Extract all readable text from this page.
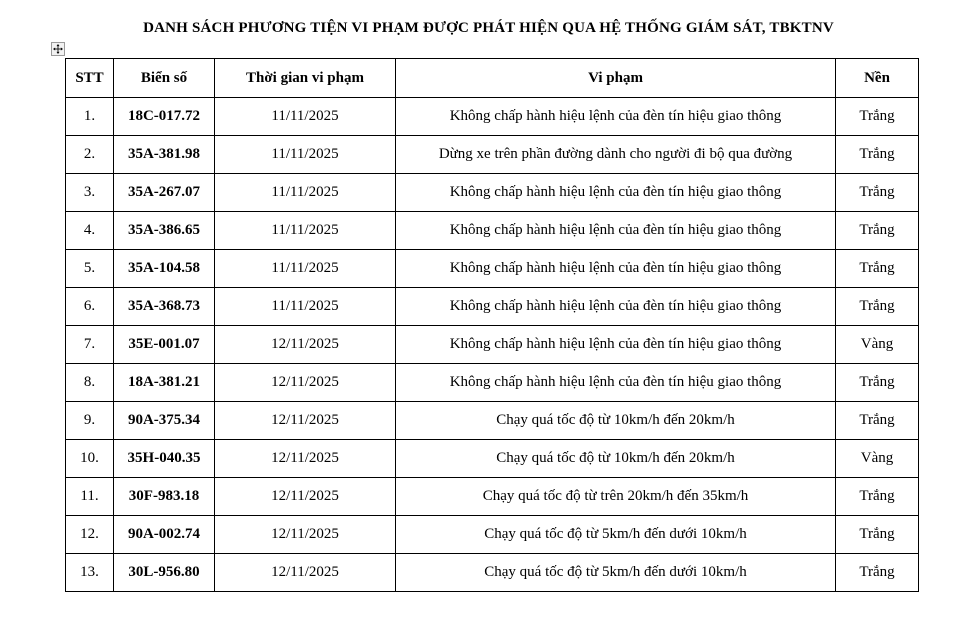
DANH SÁCH PHƯƠNG TIỆN VI PHẠM ĐƯỢC PHÁT HIỆN QUA HỆ THỐNG GIÁM SÁT, TBKTNV
STT	Biển số	Thời gian vi phạm	Vi phạm	Nền
1.	18C-017.72	11/11/2025	Không chấp hành hiệu lệnh của đèn tín hiệu giao thông	Trắng
2.	35A-381.98	11/11/2025	Dừng xe trên phần đường dành cho người đi bộ qua đường	Trắng
3.	35A-267.07	11/11/2025	Không chấp hành hiệu lệnh của đèn tín hiệu giao thông	Trắng
4.	35A-386.65	11/11/2025	Không chấp hành hiệu lệnh của đèn tín hiệu giao thông	Trắng
5.	35A-104.58	11/11/2025	Không chấp hành hiệu lệnh của đèn tín hiệu giao thông	Trắng
6.	35A-368.73	11/11/2025	Không chấp hành hiệu lệnh của đèn tín hiệu giao thông	Trắng
7.	35E-001.07	12/11/2025	Không chấp hành hiệu lệnh của đèn tín hiệu giao thông	Vàng
8.	18A-381.21	12/11/2025	Không chấp hành hiệu lệnh của đèn tín hiệu giao thông	Trắng
9.	90A-375.34	12/11/2025	Chạy quá tốc độ từ 10km/h đến 20km/h	Trắng
10.	35H-040.35	12/11/2025	Chạy quá tốc độ từ 10km/h đến 20km/h	Vàng
11.	30F-983.18	12/11/2025	Chạy quá tốc độ từ trên 20km/h đến 35km/h	Trắng
12.	90A-002.74	12/11/2025	Chạy quá tốc độ từ 5km/h đến dưới 10km/h	Trắng
13.	30L-956.80	12/11/2025	Chạy quá tốc độ từ 5km/h đến dưới 10km/h	Trắng
